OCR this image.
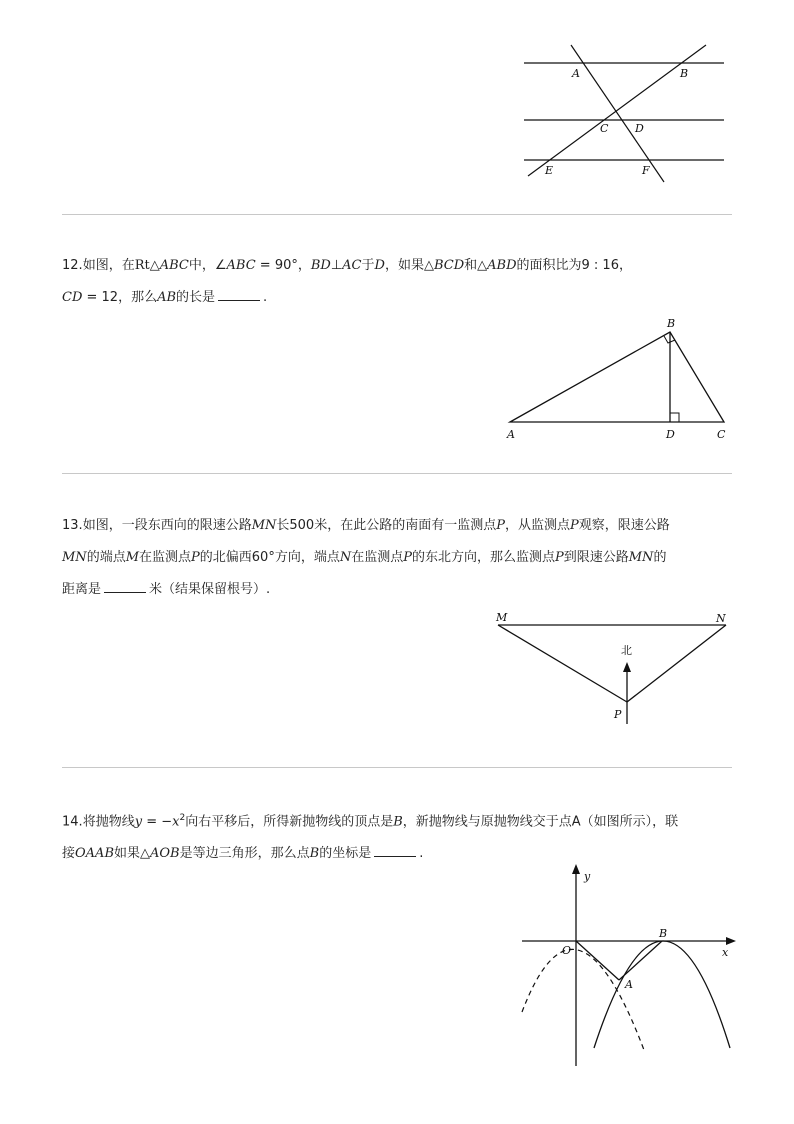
A	B
C D
E	F
12.如图，在Rt△ABC中，∠ABC = 90°，BD⊥AC于D，如果△BCD和△ABD的面积比为9 : 16，
CD = 12，那么AB的长是	.
A
B
D	C
13.如图，一段东西向的限速公路MN长500米，在此公路的南面有一监测点P，从监测点P观察，限速公路
MN的端点M在监测点P的北偏西60°方向，端点N在监测点P的东北方向，那么监测点P到限速公路MN的
距离是	米（结果保留根号）.
M	N
P
北
14.将抛物线$y = -x^2$向右平移后，所得新抛物线的顶点是B，新抛物线与原抛物线交于点A（如图所示），联
接OAAB如果△AOB是等边三角形，那么点B的坐标是	.
y
x
O
A
B
